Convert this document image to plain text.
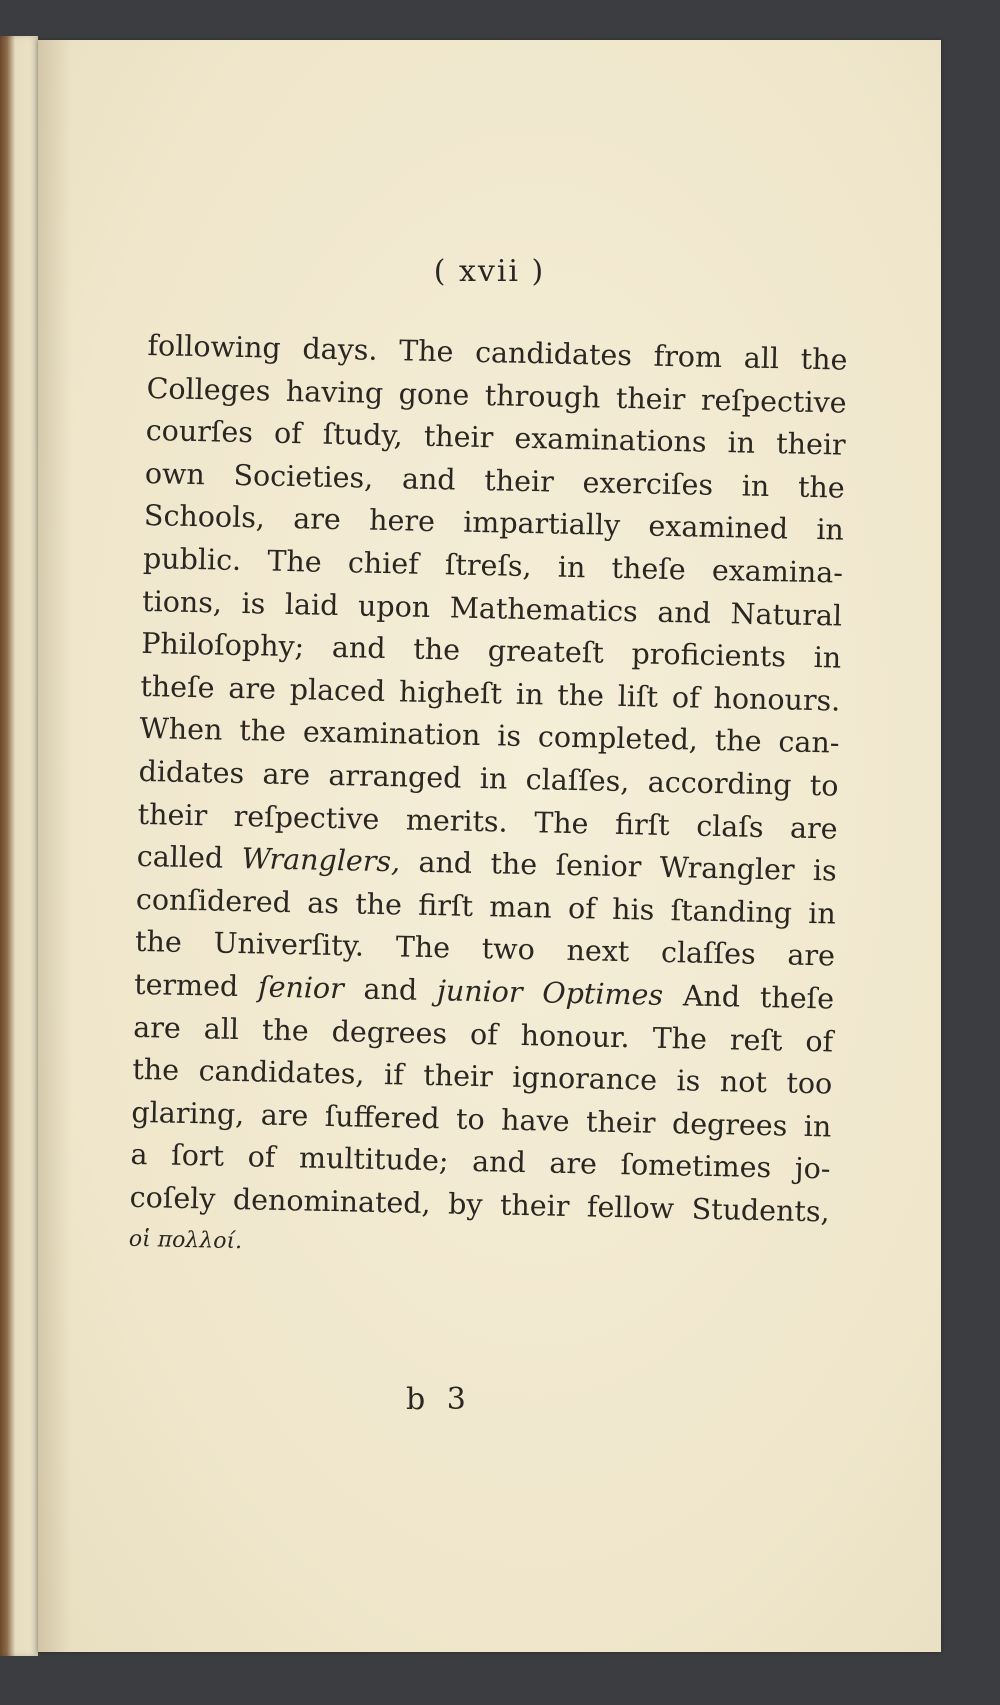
( xvii )
following days. The candidates from all the
Colleges having gone through their reſpective
courſes of ſtudy, their examinations in their
own Societies, and their exerciſes in the
Schools, are here impartially examined in
public. The chief ſtreſs, in theſe examina-
tions, is laid upon Mathematics and Natural
Philoſophy; and the greateſt proficients in
theſe are placed higheſt in the liſt of honours.
When the examination is completed, the can-
didates are arranged in claſſes, according to
their reſpective merits. The firſt claſs are
called Wranglers, and the ſenior Wrangler is
conſidered as the firſt man of his ſtanding in
the Univerſity. The two next claſſes are
termed ſenior and junior Optimes And theſe
are all the degrees of honour. The reſt of
the candidates, if their ignorance is not too
glaring, are ſuffered to have their degrees in
a ſort of multitude; and are ſometimes jo-
coſely denominated, by their fellow Students,
οἱ πολλοί.
b 3
